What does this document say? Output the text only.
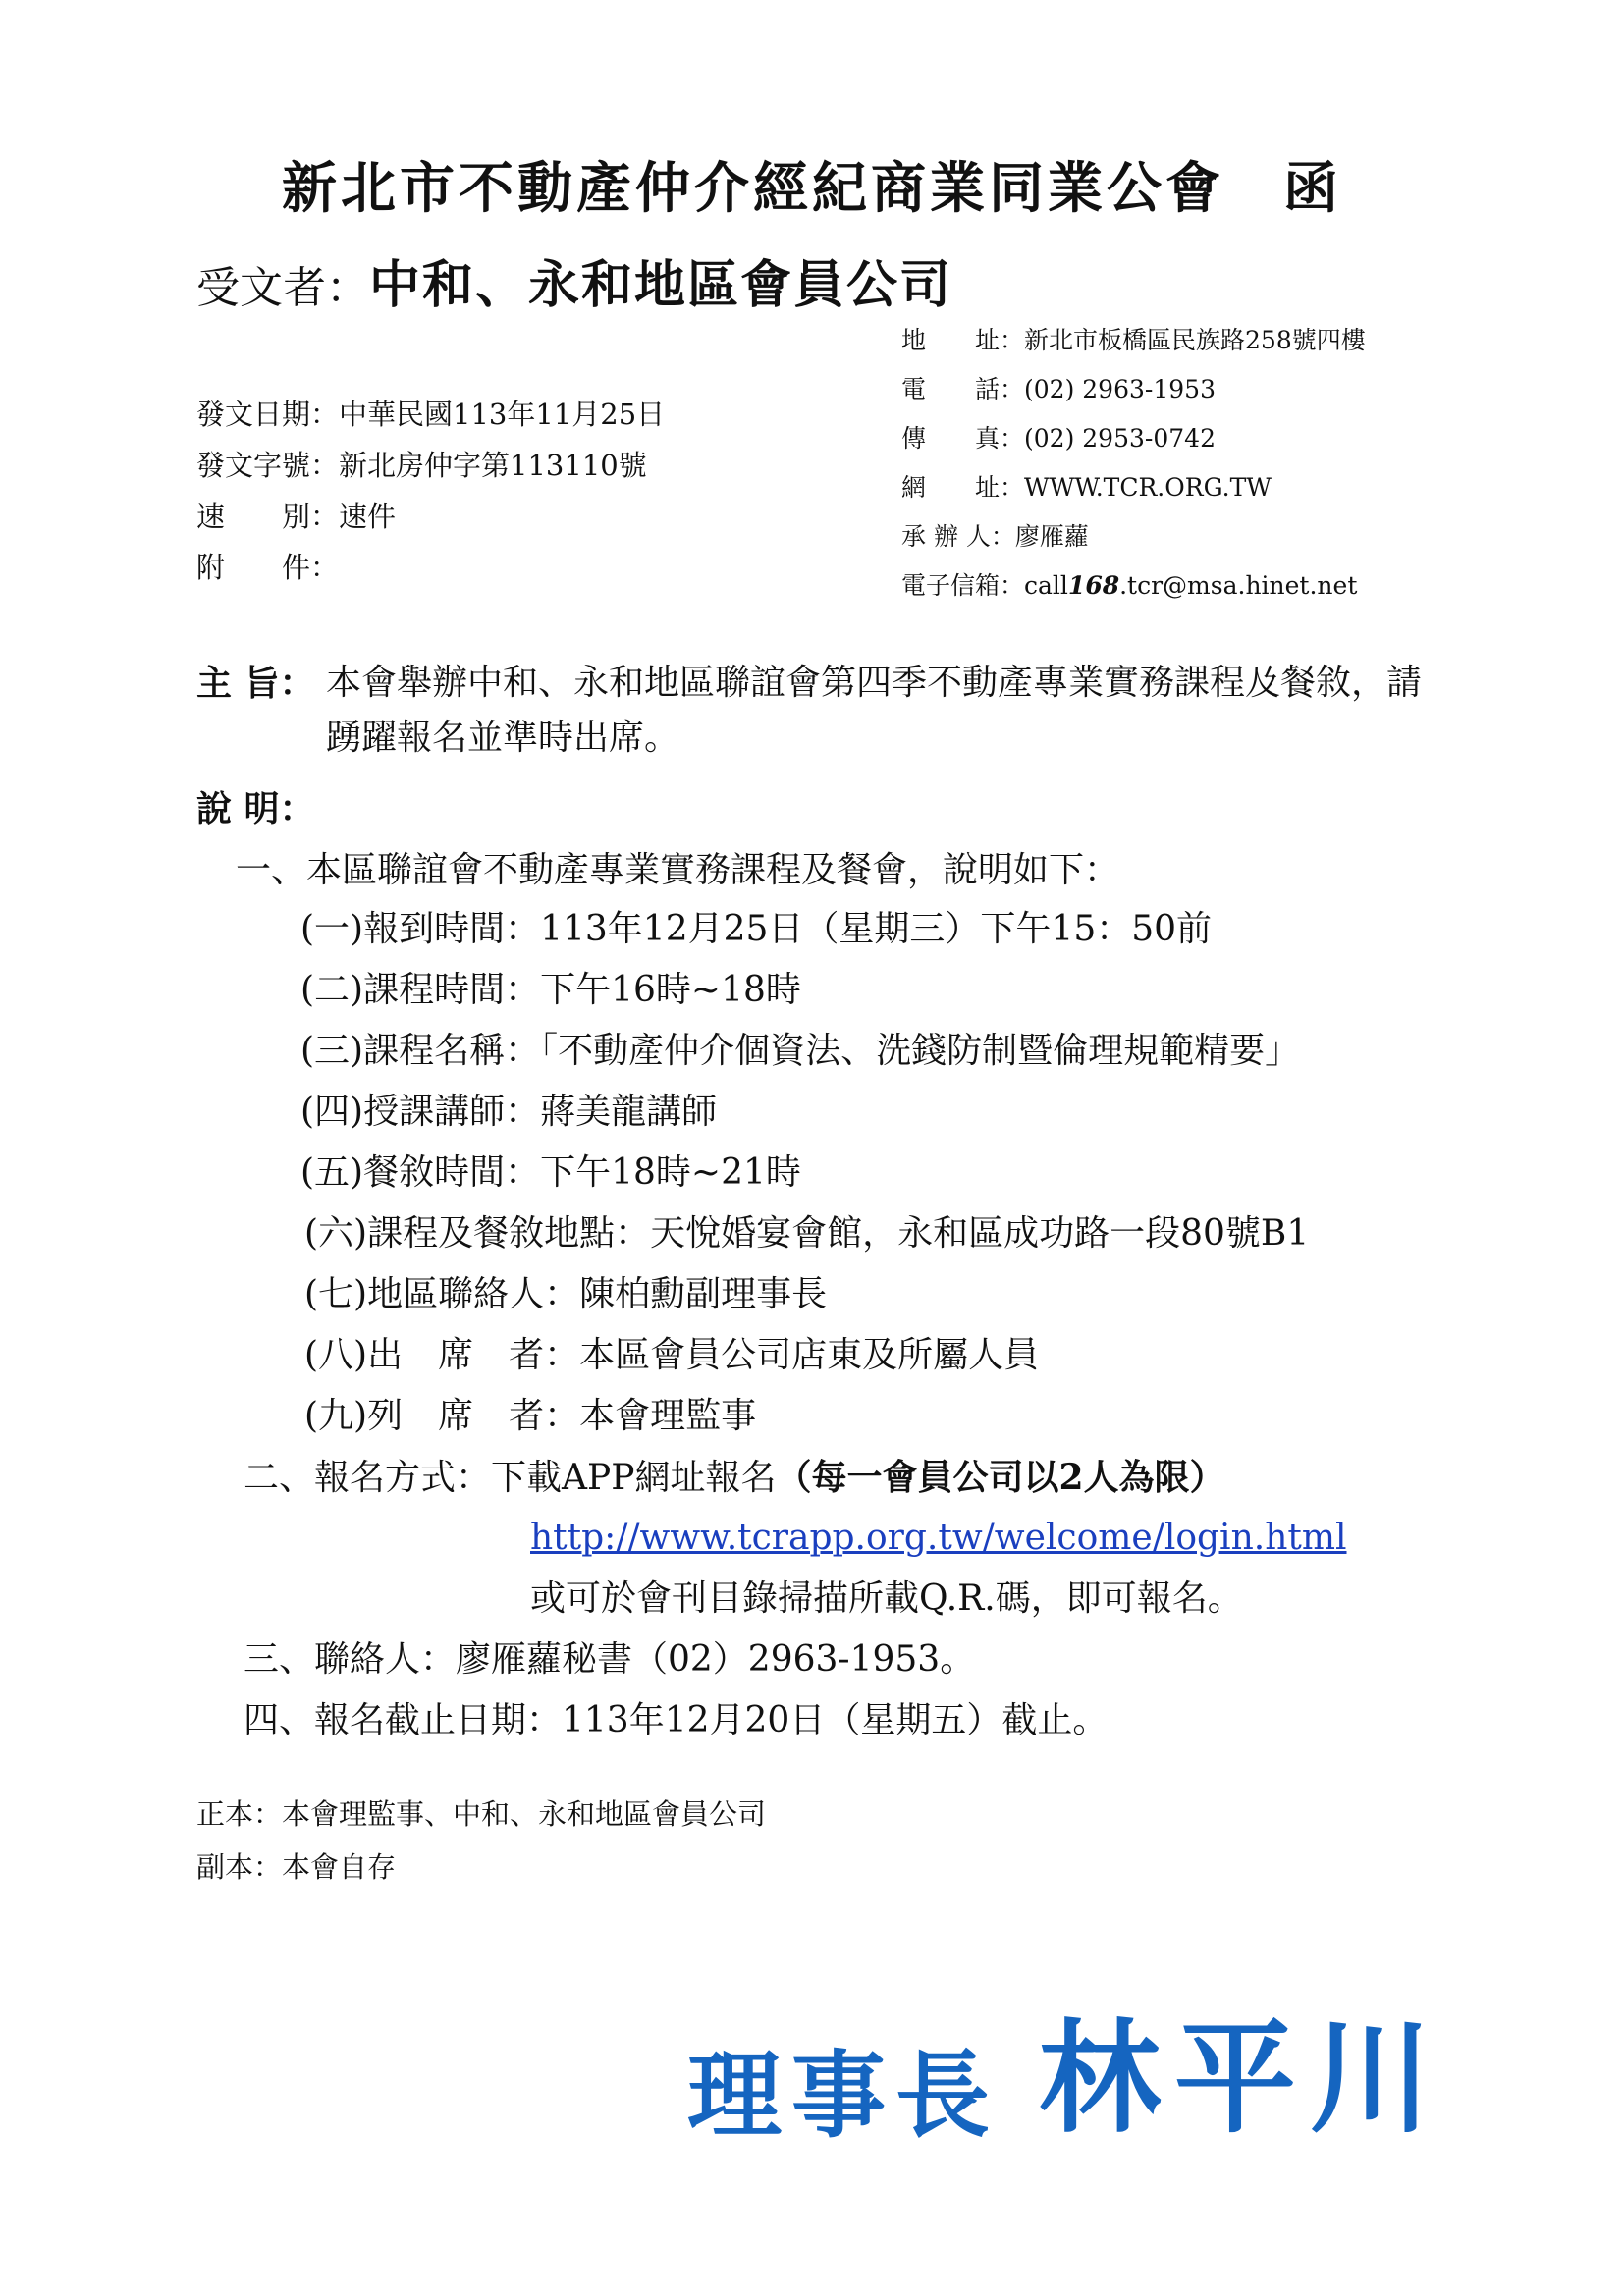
新北市不動產仲介經紀商業同業公會　函
受文者：中和、永和地區會員公司
地　　址： 新北市板橋區民族路258號四樓
電　　話： (02) 2963-1953
傳　　真： (02) 2953-0742
網　　址： WWW.TCR.ORG.TW
承 辦 人： 廖雁蘿
電子信箱： call168.tcr@msa.hinet.net
發文日期： 中華民國113年11月25日
發文字號： 新北房仲字第113110號
速　　別： 速件
附　　件：
主 旨： 本會舉辦中和、永和地區聯誼會第四季不動產專業實務課程及餐敘，請踴躍報名並準時出席。
說 明：
一、本區聯誼會不動產專業實務課程及餐會，說明如下：
(一)報到時間：113年12月25日（星期三）下午15：50前
(二)課程時間：下午16時~18時
(三)課程名稱：「不動產仲介個資法、洗錢防制暨倫理規範精要」
(四)授課講師：蔣美龍講師
(五)餐敘時間：下午18時~21時
(六)課程及餐敘地點：天悅婚宴會館，永和區成功路一段80號B1
(七)地區聯絡人：陳柏勳副理事長
(八)出　席　者：本區會員公司店東及所屬人員
(九)列　席　者：本會理監事
二、報名方式：下載APP網址報名（每一會員公司以2人為限）
http://www.tcrapp.org.tw/welcome/login.html
或可於會刊目錄掃描所載Q.R.碼，即可報名。
三、聯絡人：廖雁蘿秘書（02）2963-1953。
四、報名截止日期：113年12月20日（星期五）截止。
正本：本會理監事、中和、永和地區會員公司
副本：本會自存
理事長 林平川
